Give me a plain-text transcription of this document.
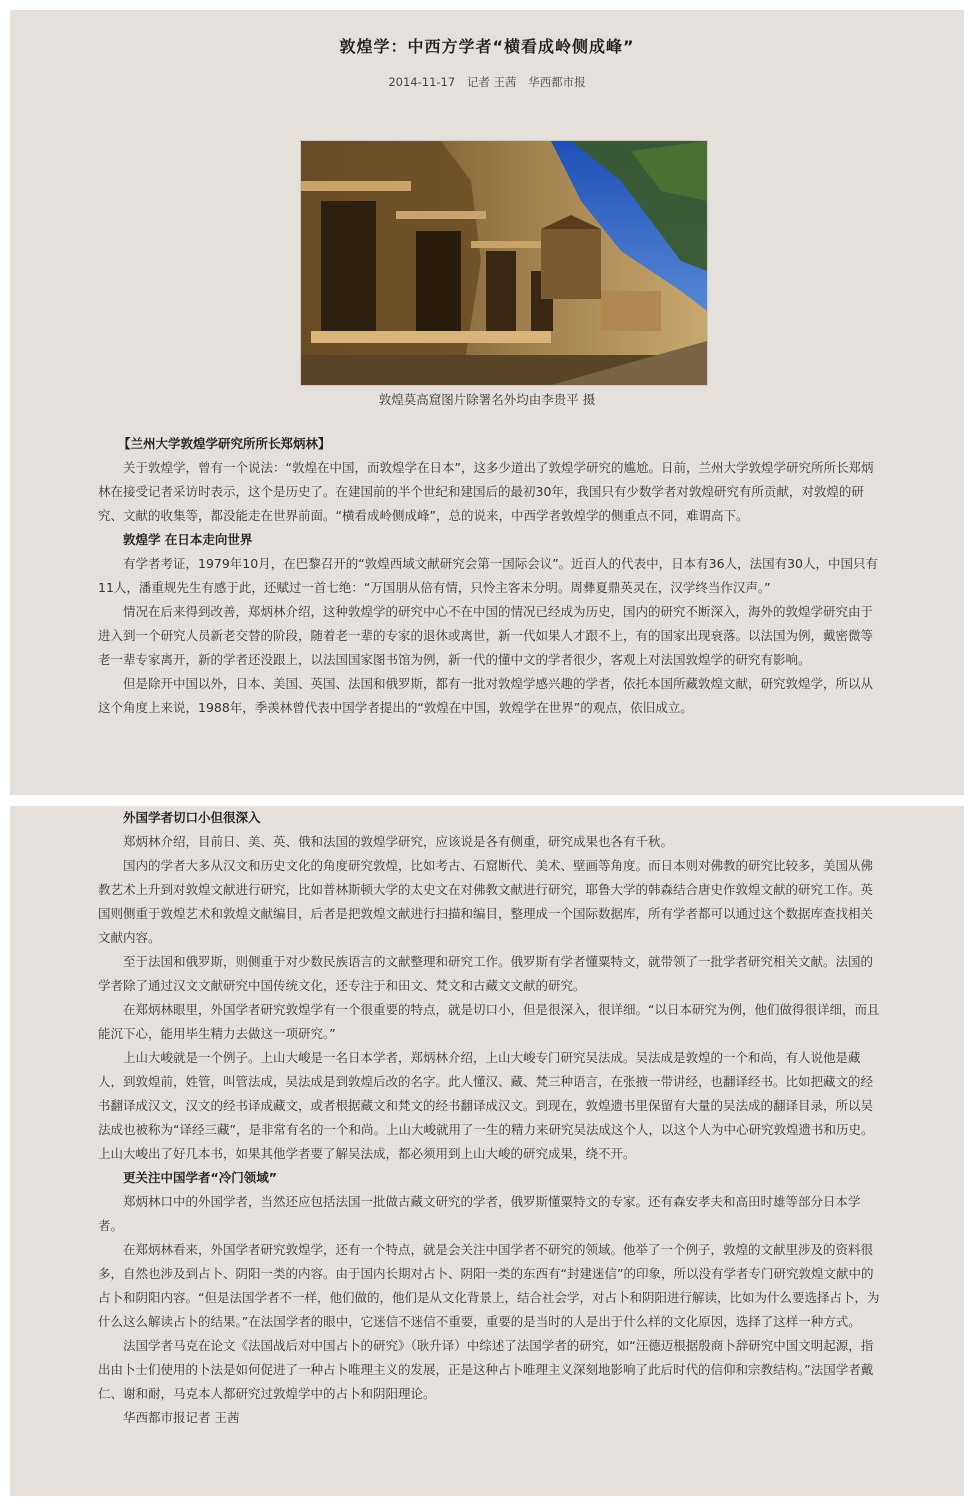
敦煌学：中西方学者“横看成岭侧成峰”
2014-11-17 记者 王茜 华西都市报
敦煌莫高窟图片除署名外均由李贵平 摄

【兰州大学敦煌学研究所所长郑炳林】

关于敦煌学，曾有一个说法：“敦煌在中国，而敦煌学在日本”，这多少道出了敦煌学研究的尴尬。日前，兰州大学敦煌学研究所所长郑炳林在接受记者采访时表示，这个是历史了。在建国前的半个世纪和建国后的最初30年，我国只有少数学者对敦煌研究有所贡献，对敦煌的研究、文献的收集等，都没能走在世界前面。“横看成岭侧成峰”，总的说来，中西学者敦煌学的侧重点不同，难谓高下。

敦煌学 在日本走向世界

有学者考证，1979年10月，在巴黎召开的“敦煌西域文献研究会第一国际会议”。近百人的代表中，日本有36人，法国有30人，中国只有11人，潘重规先生有感于此，还赋过一首七绝：“万国朋从倍有情，只怜主客未分明。周彝夏鼎英灵在，汉学终当作汉声。”

情况在后来得到改善，郑炳林介绍，这种敦煌学的研究中心不在中国的情况已经成为历史，国内的研究不断深入，海外的敦煌学研究由于进入到一个研究人员新老交替的阶段，随着老一辈的专家的退休或离世，新一代如果人才跟不上，有的国家出现衰落。以法国为例，戴密微等老一辈专家离开，新的学者还没跟上，以法国国家图书馆为例，新一代的懂中文的学者很少，客观上对法国敦煌学的研究有影响。

但是除开中国以外，日本、美国、英国、法国和俄罗斯，都有一批对敦煌学感兴趣的学者，依托本国所藏敦煌文献，研究敦煌学，所以从这个角度上来说，1988年，季羡林曾代表中国学者提出的“敦煌在中国，敦煌学在世界”的观点，依旧成立。

外国学者切口小但很深入

郑炳林介绍，目前日、美、英、俄和法国的敦煌学研究，应该说是各有侧重，研究成果也各有千秋。

国内的学者大多从汉文和历史文化的角度研究敦煌，比如考古、石窟断代、美术、壁画等角度。而日本则对佛教的研究比较多，美国从佛教艺术上升到对敦煌文献进行研究，比如普林斯顿大学的太史文在对佛教文献进行研究，耶鲁大学的韩森结合唐史作敦煌文献的研究工作。英国则侧重于敦煌艺术和敦煌文献编目，后者是把敦煌文献进行扫描和编目，整理成一个国际数据库，所有学者都可以通过这个数据库查找相关文献内容。

至于法国和俄罗斯，则侧重于对少数民族语言的文献整理和研究工作。俄罗斯有学者懂粟特文，就带领了一批学者研究相关文献。法国的学者除了通过汉文文献研究中国传统文化，还专注于和田文、梵文和古藏文文献的研究。

在郑炳林眼里，外国学者研究敦煌学有一个很重要的特点，就是切口小，但是很深入，很详细。“以日本研究为例，他们做得很详细，而且能沉下心，能用毕生精力去做这一项研究。”

上山大峻就是一个例子。上山大峻是一名日本学者，郑炳林介绍，上山大峻专门研究吴法成。吴法成是敦煌的一个和尚，有人说他是藏人，到敦煌前，姓管，叫管法成，吴法成是到敦煌后改的名字。此人懂汉、藏、梵三种语言，在张掖一带讲经，也翻译经书。比如把藏文的经书翻译成汉文，汉文的经书译成藏文，或者根据藏文和梵文的经书翻译成汉文。到现在，敦煌遗书里保留有大量的吴法成的翻译目录，所以吴法成也被称为“译经三藏”，是非常有名的一个和尚。上山大峻就用了一生的精力来研究吴法成这个人，以这个人为中心研究敦煌遗书和历史。上山大峻出了好几本书，如果其他学者要了解吴法成，都必须用到上山大峻的研究成果，绕不开。

更关注中国学者“冷门领域”

郑炳林口中的外国学者，当然还应包括法国一批做古藏文研究的学者，俄罗斯懂粟特文的专家。还有森安孝夫和高田时雄等部分日本学者。

在郑炳林看来，外国学者研究敦煌学，还有一个特点，就是会关注中国学者不研究的领域。他举了一个例子，敦煌的文献里涉及的资料很多，自然也涉及到占卜、阴阳一类的内容。由于国内长期对占卜、阴阳一类的东西有“封建迷信”的印象，所以没有学者专门研究敦煌文献中的占卜和阴阳内容。“但是法国学者不一样，他们做的，他们是从文化背景上，结合社会学，对占卜和阴阳进行解读，比如为什么要选择占卜，为什么这么解读占卜的结果。”在法国学者的眼中，它迷信不迷信不重要，重要的是当时的人是出于什么样的文化原因，选择了这样一种方式。

法国学者马克在论文《法国战后对中国占卜的研究》（耿升译）中综述了法国学者的研究，如“汪德迈根据殷商卜辞研究中国文明起源，指出由卜士们使用的卜法是如何促进了一种占卜唯理主义的发展，正是这种占卜唯理主义深刻地影响了此后时代的信仰和宗教结构。”法国学者戴仁、谢和耐，马克本人都研究过敦煌学中的占卜和阴阳理论。

华西都市报记者 王茜
